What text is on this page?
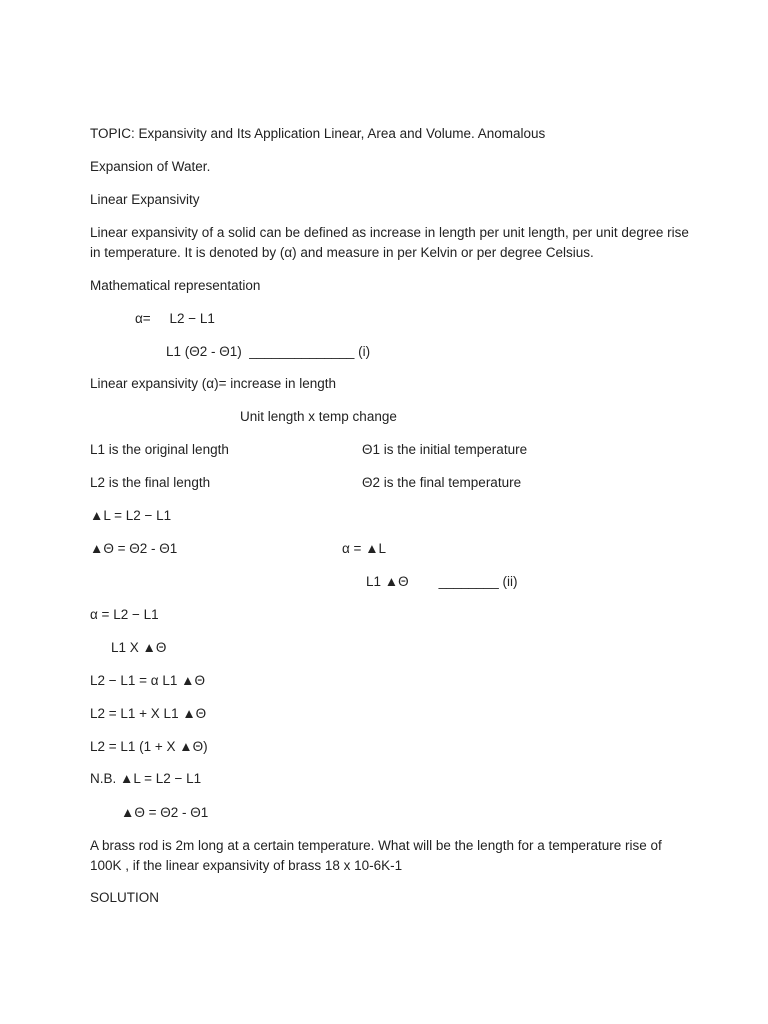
TOPIC: Expansivity and Its Application Linear, Area and Volume. Anomalous
Expansion of Water.
Linear Expansivity
Linear expansivity of a solid can be defined as increase in length per unit length, per unit degree rise in temperature. It is denoted by (α) and measure in per Kelvin or per degree Celsius.
Mathematical representation
α=     L2 − L1
L1 (Θ2 - Θ1)  ______________ (i)
Linear expansivity (α)= increase in length
Unit length x temp change
L1 is the original length	Θ1 is the initial temperature
L2 is the final length	Θ2 is the final temperature
▲L = L2 − L1
▲Θ = Θ2 - Θ1	α = ▲L
L1 ▲Θ        ________ (ii)
α = L2 − L1
L1 X ▲Θ
L2 − L1 = α L1 ▲Θ
L2 = L1 + X L1 ▲Θ
L2 = L1 (1 + X ▲Θ)
N.B. ▲L = L2 − L1
▲Θ = Θ2 - Θ1
A brass rod is 2m long at a certain temperature. What will be the length for a temperature rise of 100K , if the linear expansivity of brass 18 x 10-6K-1
SOLUTION
